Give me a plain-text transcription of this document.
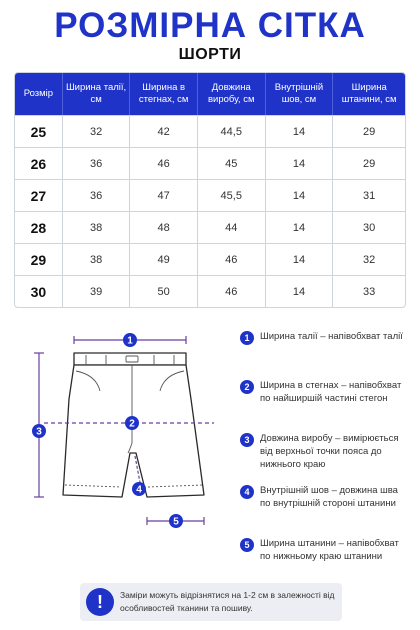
РОЗМІРНА СІТКА
ШОРТИ
Розмір	Ширина талії, см	Ширина в стегнах, см	Довжина виробу, см	Внутрішній шов, см	Ширина штанини, см
25	32	42	44,5	14	29
26	36	46	45	14	29
27	36	47	45,5	14	31
28	38	48	44	14	30
29	38	49	46	14	32
30	39	50	46	14	33
1
2
3
4
5
1	Ширина талії – напівобхват талії
2	Ширина в стегнах – напівобхват по найширшій частині стегон
3	Довжина виробу – вимірюється від верхньої точки пояса до нижнього краю
4	Внутрішній шов – довжина шва по внутрішній стороні штанини
5	Ширина штанини – напівобхват по нижньому краю штанини
!	Заміри можуть відрізнятися на 1-2 см в залежності від особливостей тканини та пошиву.
